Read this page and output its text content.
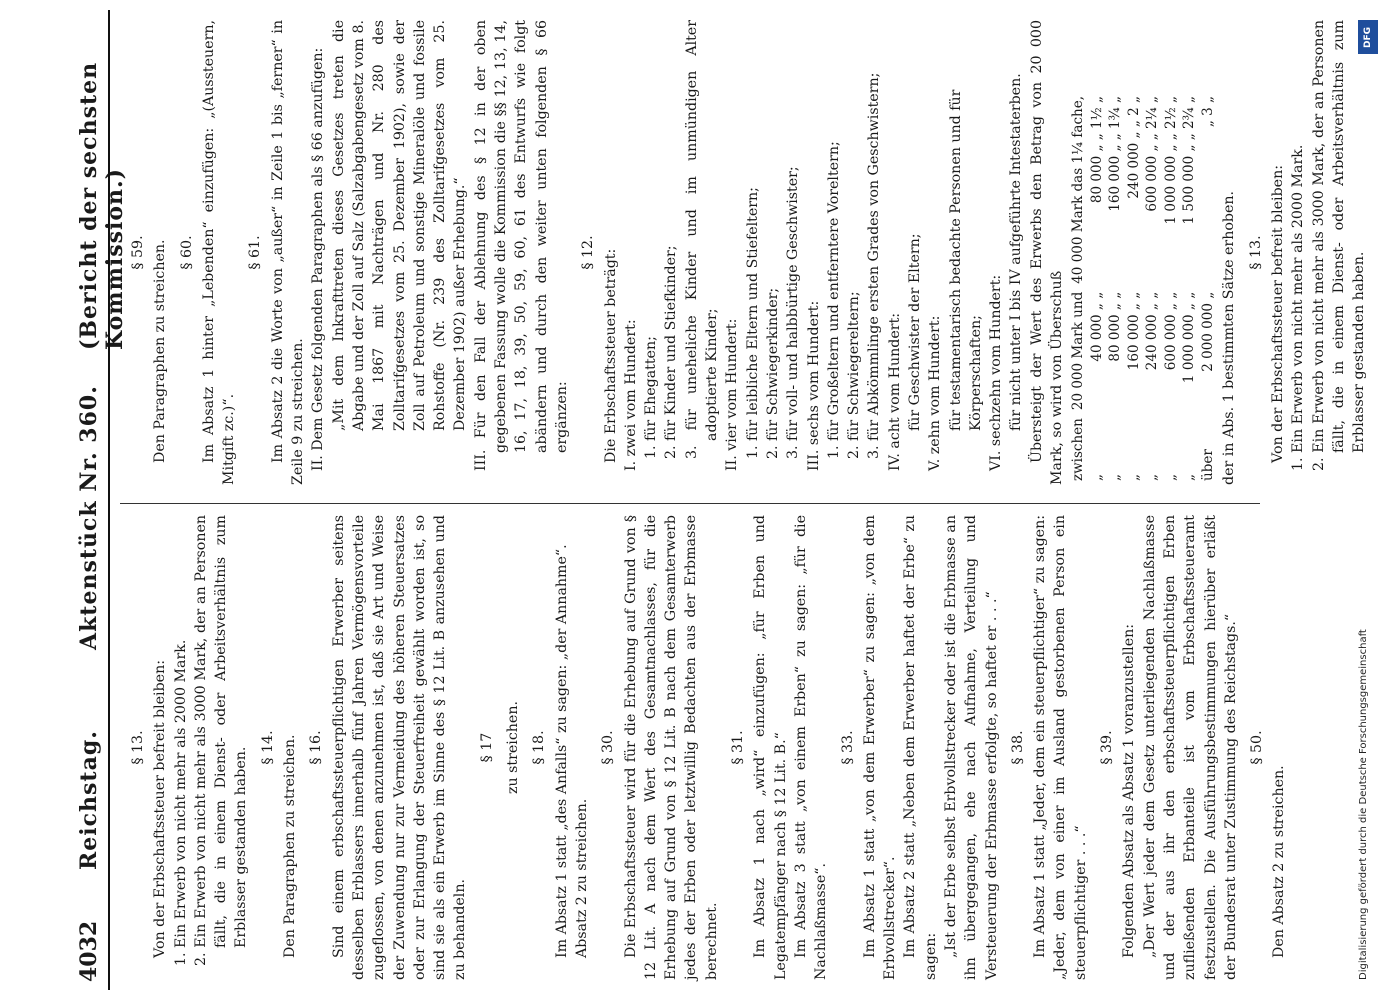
4032
Reichstag.
Aktenstück Nr. 360.
(Bericht der sechsten Kommission.)
§ 13. Von der Erbschaftssteuer befreit bleiben: 1. Ein Erwerb von nicht mehr als 2000 Mark. 2. Ein Erwerb von nicht mehr als 3000 Mark, der an Personen fällt, die in einem Dienst- oder Arbeitsverhältnis zum Erblasser gestanden haben. § 14. Den Paragraphen zu streichen. § 16. Sind einem erbschaftssteuerpflichtigen Erwerber seitens desselben Erblassers innerhalb fünf Jahren Vermögensvorteile zugeflossen, von denen anzunehmen ist, daß sie Art und Weise der Zuwendung nur zur Vermeidung des höheren Steuersatzes oder zur Erlangung der Steuerfreiheit gewählt worden ist, so sind sie als ein Erwerb im Sinne des § 12 Lit. B anzusehen und zu behandeln.

§ 17 zu streichen. § 18. Im Absatz 1 statt „des Anfalls“ zu sagen: „der Annahme“. Absatz 2 zu streichen.

§ 30. Die Erbschaftssteuer wird für die Erhebung auf Grund von § 12 Lit. A nach dem Wert des Gesamtnachlasses, für die Erhebung auf Grund von § 12 Lit. B nach dem Gesamterwerb jedes der Erben oder letztwillig Bedachten aus der Erbmasse berechnet.

§ 31. Im Absatz 1 nach „wird“ einzufügen: „für Erben und Legatempfänger nach § 12 Lit. B.“ Im Absatz 3 statt „von einem Erben“ zu sagen: „für die Nachlaßmasse“.

§ 33. Im Absatz 1 statt „von dem Erwerber“ zu sagen: „von dem Erbvollstrecker“. Im Absatz 2 statt „Neben dem Erwerber haftet der Erbe“ zu sagen: „Ist der Erbe selbst Erbvollstrecker oder ist die Erbmasse an ihn übergegangen, ehe nach Aufnahme, Verteilung und Versteuerung der Erbmasse erfolgte, so haftet er . . .“ § 38. Im Absatz 1 statt „Jeder, dem ein steuerpflichtiger“ zu sagen: „Jeder, dem von einer im Ausland gestorbenen Person ein steuerpflichtiger . . .“

§ 39. Folgenden Absatz als Absatz 1 voranzustellen: „Der Wert jeder dem Gesetz unterliegenden Nachlaßmasse und der aus ihr den erbschaftssteuerpflichtigen Erben zufließenden Erbanteile ist vom Erbschaftssteueramt festzustellen. Die Ausführungsbestimmungen hierüber erläßt der Bundesrat unter Zustimmung des Reichstags.“ § 50.

Den Absatz 2 zu streichen.

§ 59. Den Paragraphen zu streichen. § 60. Im Absatz 1 hinter „Lebenden“ einzufügen: „(Aussteuern, Mitgift zc.)“.

§ 61. Im Absatz 2 die Worte von „außer“ in Zeile 1 bis „ferner“ in Zeile 9 zu streichen. II. Dem Gesetz folgenden Paragraphen als § 66 anzufügen: „Mit dem Inkrafttreten dieses Gesetzes treten die Abgabe und der Zoll auf Salz (Salzabgabengesetz vom 8. Mai 1867 mit Nachträgen und Nr. 280 des Zolltarifgesetzes vom 25. Dezember 1902), sowie der Zoll auf Petroleum und sonstige Mineralöle und fossile Rohstoffe (Nr. 239 des Zolltarifgesetzes vom 25. Dezember 1902) außer Erhebung.“ III. Für den Fall der Ablehnung des § 12 in der oben gegebenen Fassung wolle die Kommission die §§ 12, 13, 14, 16, 17, 18, 39, 50, 59, 60, 61 des Entwurfs wie folgt abändern und durch den weiter unten folgenden § 66 ergänzen:

§ 12. Die Erbschaftssteuer beträgt: I. zwei vom Hundert: 1. für Ehegatten; 2. für Kinder und Stiefkinder; 3. für uneheliche Kinder und im unmündigen Alter adoptierte Kinder; II. vier vom Hundert: 1. für leibliche Eltern und Stiefeltern; 2. für Schwiegerkinder; 3. für voll- und halbbürtige Geschwister; III. sechs vom Hundert: 1. für Großeltern und entferntere Voreltern; 2. für Schwiegereltern; 3. für Abkömmlinge ersten Grades von Geschwistern; IV. acht vom Hundert: für Geschwister der Eltern; V. zehn vom Hundert: für testamentarisch bedachte Personen und für Körperschaften; VI. sechzehn vom Hundert: für nicht unter I bis IV aufgeführte Intestaterben. Übersteigt der Wert des Erwerbs den Betrag von 20 000 Mark, so wird von Überschuß zwischen	20 000 Mark und	40 000 Mark das 1¼ fache,
„	40 000 „ „	80 000 „ „ 1½ „
„	80 000 „ „	160 000 „ „ 1¾ „
„	160 000 „ „	240 000 „ „ 2 „
„	240 000 „ „	600 000 „ „ 2¼ „
„	600 000 „ „	1 000 000 „ „ 2½ „
„	1 000 000 „ „	1 500 000 „ „ 2¾ „
über	2 000 000 „	„ 3 „

der in Abs. 1 bestimmten Sätze erhoben. § 13. Von der Erbschaftssteuer befreit bleiben: 1. Ein Erwerb von nicht mehr als 2000 Mark. 2. Ein Erwerb von nicht mehr als 3000 Mark, der an Personen fällt, die in einem Dienst- oder Arbeitsverhältnis zum Erblasser gestanden haben.

DFG
Digitalisierung gefördert durch die Deutsche Forschungsgemeinschaft
